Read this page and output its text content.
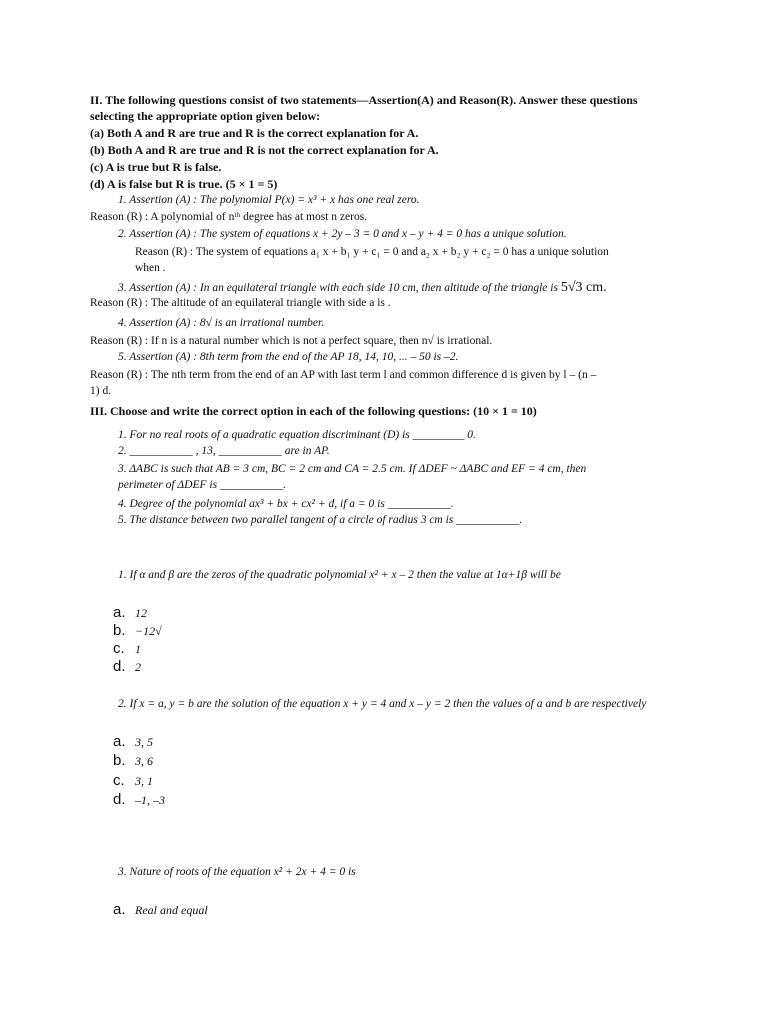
II. The following questions consist of two statements—Assertion(A) and Reason(R). Answer these questions
selecting the appropriate option given below:
(a) Both A and R are true and R is the correct explanation for A.
(b) Both A and R are true and R is not the correct explanation for A.
(c) A is true but R is false.
(d) A is false but R is true. (5 × 1 = 5)
1. Assertion (A) : The polynomial P(x) = x³ + x has one real zero.
Reason (R) : A polynomial of nᵗʰ degree has at most n zeros.
2. Assertion (A) : The system of equations x + 2y – 3 = 0 and x – y + 4 = 0 has a unique solution.
Reason (R) : The system of equations a₁ x + b₁ y + c₁ = 0 and a₂ x + b₂ y + c₂ = 0 has a unique solution
when .
3. Assertion (A) : In an equilateral triangle with each side 10 cm, then altitude of the triangle is 5√3 cm.
Reason (R) : The altitude of an equilateral triangle with side a is .
4. Assertion (A) : 8√ is an irrational number.
Reason (R) : If n is a natural number which is not a perfect square, then n√ is irrational.
5. Assertion (A) : 8th term from the end of the AP 18, 14, 10, ... – 50 is –2.
Reason (R) : The nth term from the end of an AP with last term l and common difference d is given by l – (n –
1) d.
III. Choose and write the correct option in each of the following questions: (10 × 1 = 10)
1. For no real roots of a quadratic equation discriminant (D) is _________ 0.
2. ___________ , 13, ___________ are in AP.
3. ΔABC is such that AB = 3 cm, BC = 2 cm and CA = 2.5 cm. If ΔDEF ~ ΔABC and EF = 4 cm, then
perimeter of ΔDEF is ___________.
4. Degree of the polynomial ax³ + bx + cx² + d, if a = 0 is ___________.
5. The distance between two parallel tangent of a circle of radius 3 cm is ___________.
1. If α and β are the zeros of the quadratic polynomial x² + x – 2 then the value at 1α+1β will be
a. 12
b. −12√
c. 1
d. 2
2. If x = a, y = b are the solution of the equation x + y = 4 and x – y = 2 then the values of a and b are respectively
a. 3, 5
b. 3, 6
c. 3, 1
d. –1, –3
3. Nature of roots of the equation x² + 2x + 4 = 0 is
a. Real and equal
